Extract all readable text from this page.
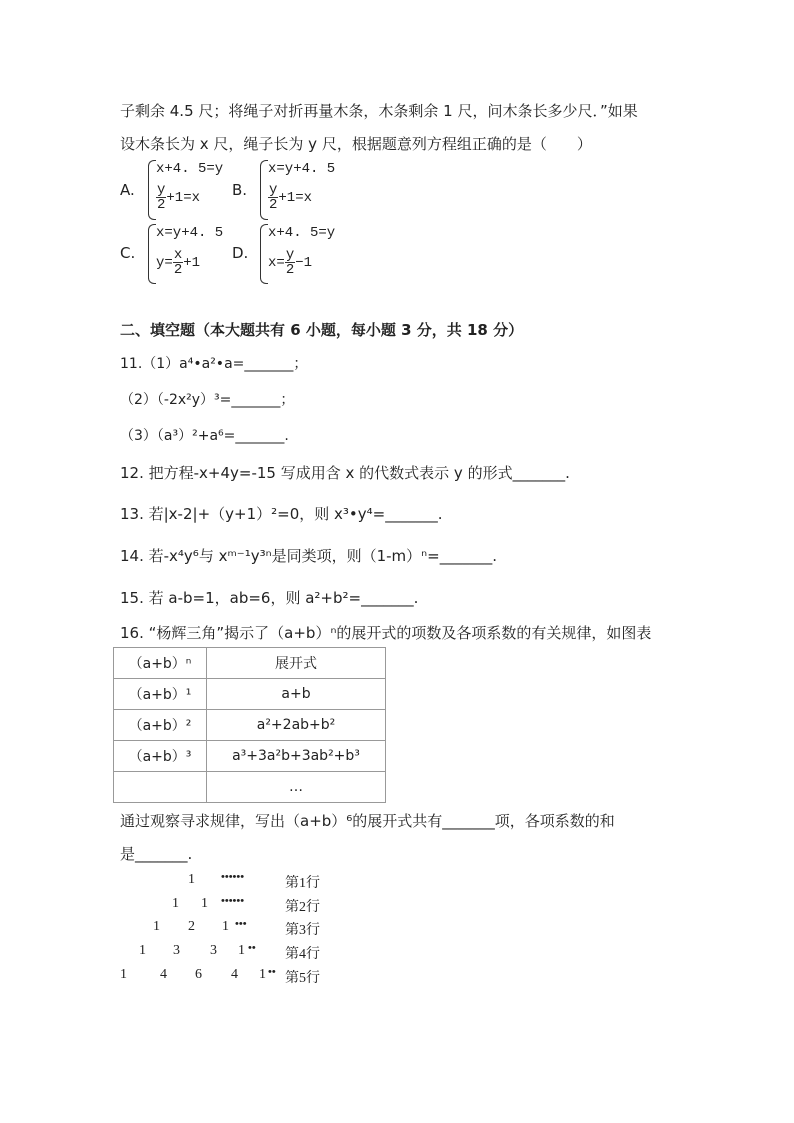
子剩余 4.5 尺；将绳子对折再量木条，木条剩余 1 尺，问木条长多少尺．”如果
设木条长为 x 尺，绳子长为 y 尺，根据题意列方程组正确的是（　　）
A.
x+4. 5=y
$\frac{y}{2} +1=x$ B.
x=y+4. 5
$\frac{y}{2} +1=x$
C.
x=y+4. 5
$y= \frac{x}{2} +1$
D.
x+4. 5=y
$x= \frac{y}{2} -1$
二、填空题（本大题共有 6 小题，每小题 3 分，共 18 分）
11.（1）a⁴•a²•a=_______；
（2）（-2x²y）³=_______；
（3）（a³）²+a⁶=_______.
12. 把方程-x+4y=-15 写成用含 x 的代数式表示 y 的形式_______.
13. 若|x-2|+（y+1）²=0，则 x³•y⁴=_______.
14. 若-x⁴y⁶与 xᵐ⁻¹y³ⁿ是同类项，则（1-m）ⁿ=_______.
15. 若 a-b=1，ab=6，则 a²+b²=_______.
16. “杨辉三角”揭示了（a+b）ⁿ的展开式的项数及各项系数的有关规律，如图表
（a+b）ⁿ	展开式
（a+b）¹	a+b
（a+b）²	a²+2ab+b²
（a+b）³	a³+3a²b+3ab²+b³
	…
通过观察寻求规律，写出（a+b）⁶的展开式共有_______项，各项系数的和
是_______.
1 ••••••	第1行
1 1 ••••••	第2行
1 2 1 •••	第3行
1 3 3 1 •• 第4行
1 4 6 4 1 •• 第5行
